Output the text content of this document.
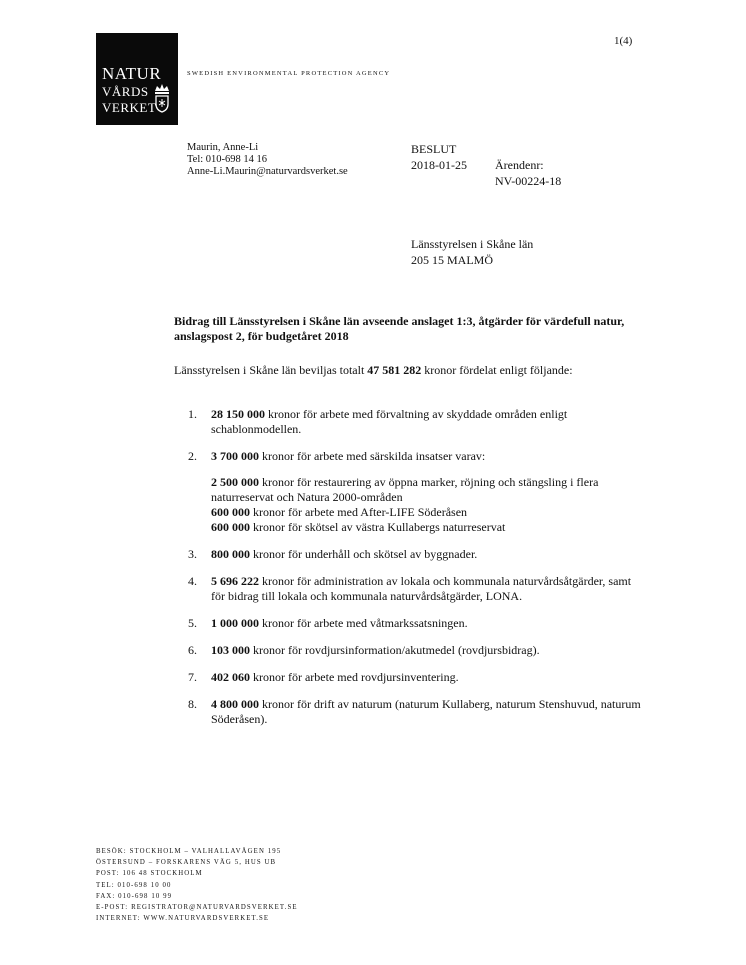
NATUR
VÅRDS
VERKET
SWEDISH ENVIRONMENTAL PROTECTION AGENCY
1(4)
Maurin, Anne-Li
Tel: 010-698 14 16
Anne-Li.Maurin@naturvardsverket.se
BESLUT
2018-01-25 Ärendenr:
NV-00224-18
Länsstyrelsen i Skåne län
205 15 MALMÖ
Bidrag till Länsstyrelsen i Skåne län avseende anslaget 1:3, åtgärder för värdefull natur, anslagspost 2, för budgetåret 2018
Länsstyrelsen i Skåne län beviljas totalt 47 581 282 kronor fördelat enligt följande:
1. 28 150 000 kronor för arbete med förvaltning av skyddade områden enligt schablonmodellen.
2. 3 700 000 kronor för arbete med särskilda insatser varav:
2 500 000 kronor för restaurering av öppna marker, röjning och stängsling i flera naturreservat och Natura 2000-områden
600 000 kronor för arbete med After-LIFE Söderåsen
600 000 kronor för skötsel av västra Kullabergs naturreservat
3. 800 000 kronor för underhåll och skötsel av byggnader.
4. 5 696 222 kronor för administration av lokala och kommunala naturvårdsåtgärder, samt för bidrag till lokala och kommunala naturvårdsåtgärder, LONA.
5. 1 000 000 kronor för arbete med våtmarkssatsningen.
6. 103 000 kronor för rovdjursinformation/akutmedel (rovdjursbidrag).
7. 402 060 kronor för arbete med rovdjursinventering.
8. 4 800 000 kronor för drift av naturum (naturum Kullaberg, naturum Stenshuvud, naturum Söderåsen).
BESÖK: STOCKHOLM – VALHALLAVÄGEN 195
ÖSTERSUND – FORSKARENS VÄG 5, HUS UB
POST: 106 48 STOCKHOLM
TEL: 010-698 10 00
FAX: 010-698 10 99
E-POST: REGISTRATOR@NATURVARDSVERKET.SE
INTERNET: WWW.NATURVARDSVERKET.SE
